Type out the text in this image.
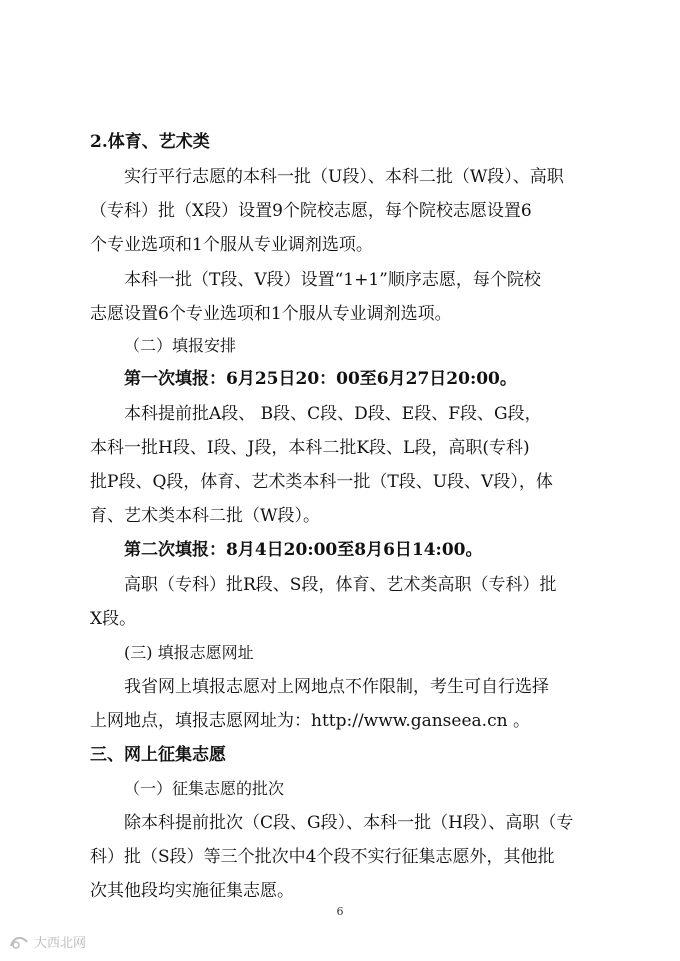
2.体育、艺术类
实行平行志愿的本科一批（U段）、本科二批（W段）、高职
（专科）批（X段）设置9个院校志愿，每个院校志愿设置6
个专业选项和1个服从专业调剂选项。
本科一批（T段、V段）设置“1+1”顺序志愿，每个院校
志愿设置6个专业选项和1个服从专业调剂选项。
（二）填报安排
第一次填报：6月25日20：00至6月27日20:00。
本科提前批A段、 B段、C段、D段、E段、F段、G段，
本科一批H段、I段、J段，本科二批K段、L段，高职(专科)
批P段、Q段，体育、艺术类本科一批（T段、U段、V段），体
育、艺术类本科二批（W段）。
第二次填报：8月4日20:00至8月6日14:00。
高职（专科）批R段、S段，体育、艺术类高职（专科）批
X段。
(三) 填报志愿网址
我省网上填报志愿对上网地点不作限制，考生可自行选择
上网地点，填报志愿网址为：http://www.ganseea.cn 。
三、网上征集志愿
（一）征集志愿的批次
除本科提前批次（C段、G段）、本科一批（H段）、高职（专
科）批（S段）等三个批次中4个段不实行征集志愿外，其他批
次其他段均实施征集志愿。
6
大西北网
